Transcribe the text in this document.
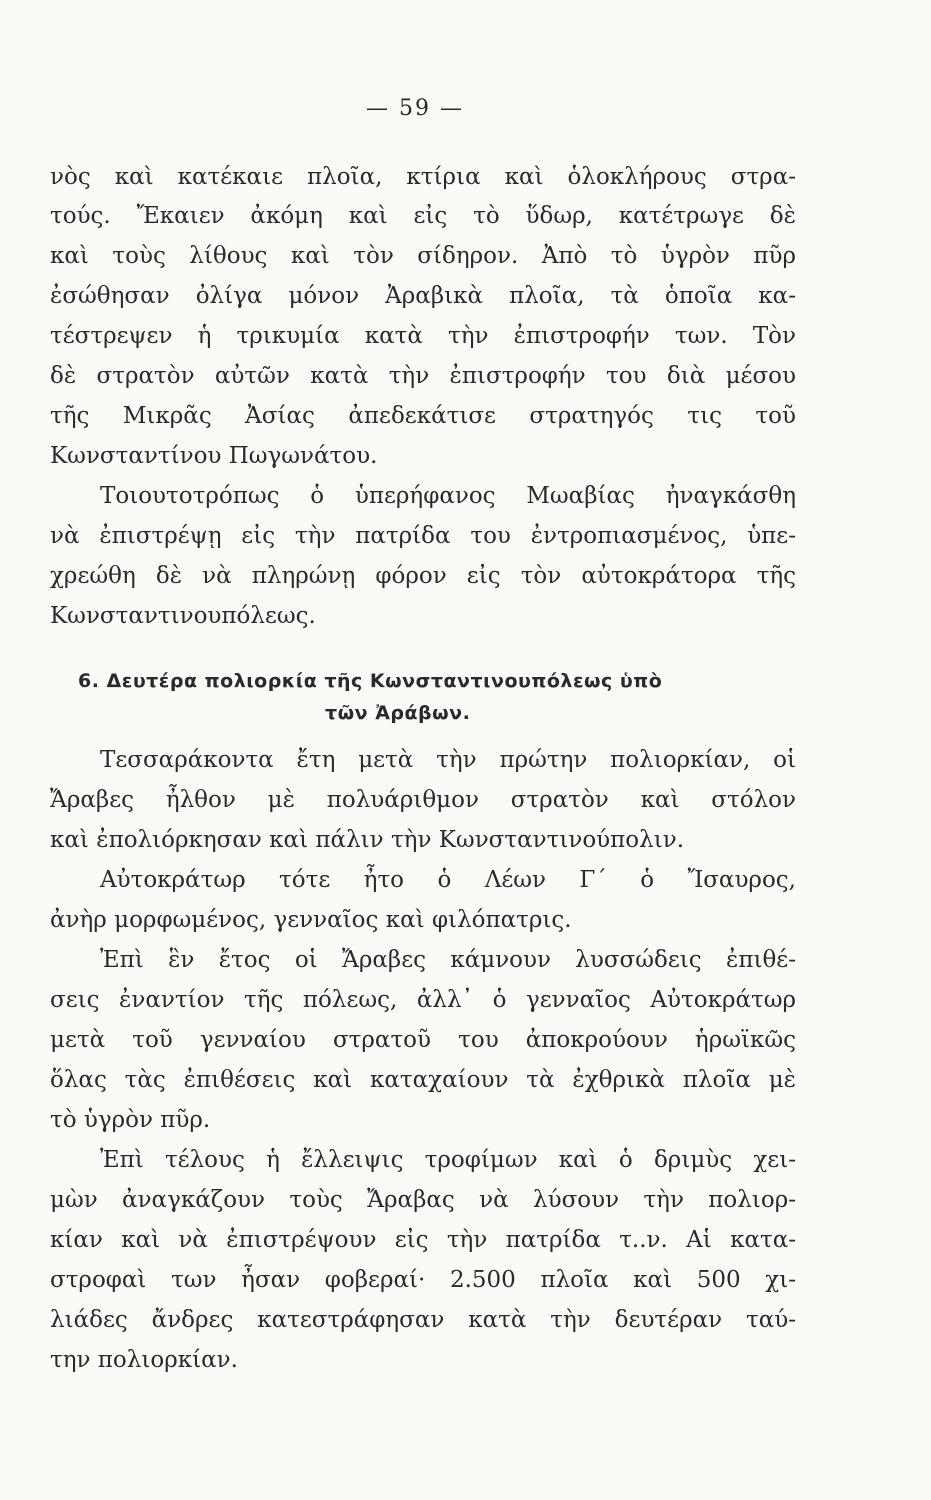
— 59 —
νὸς καὶ κατέκαιε πλοῖα, κτίρια καὶ ὁλοκλήρους στρα-
τούς. Ἔκαιεν ἀκόμη καὶ εἰς τὸ ὕδωρ, κατέτρωγε δὲ
καὶ τοὺς λίθους καὶ τὸν σίδηρον. Ἀπὸ τὸ ὑγρὸν πῦρ
ἐσώθησαν ὀλίγα μόνον Ἀραβικὰ πλοῖα, τὰ ὁποῖα κα-
τέστρεψεν ἡ τρικυμία κατὰ τὴν ἐπιστροφήν των. Τὸν
δὲ στρατὸν αὐτῶν κατὰ τὴν ἐπιστροφήν του διὰ μέσου
τῆς Μικρᾶς Ἀσίας ἀπεδεκάτισε στρατηγός τις τοῦ
Κωνσταντίνου Πωγωνάτου.
Τοιουτοτρόπως ὁ ὑπερήφανος Μωαβίας ἠναγκάσθη
νὰ ἐπιστρέψῃ εἰς τὴν πατρίδα του ἐντροπιασμένος, ὑπε-
χρεώθη δὲ νὰ πληρώνῃ φόρον εἰς τὸν αὐτοκράτορα τῆς
Κωνσταντινουπόλεως.
6. Δευτέρα πολιορκία τῆς Κωνσταντινουπόλεως ὑπὸ
τῶν Ἀράβων.
Τεσσαράκοντα ἔτη μετὰ τὴν πρώτην πολιορκίαν, οἱ
Ἄραβες ἦλθον μὲ πολυάριθμον στρατὸν καὶ στόλον
καὶ ἐπολιόρκησαν καὶ πάλιν τὴν Κωνσταντινούπολιν.
Αὐτοκράτωρ τότε ἦτο ὁ Λέων Γ´ ὁ Ἴσαυρος,
ἀνὴρ μορφωμένος, γενναῖος καὶ φιλόπατρις.
Ἐπὶ ἓν ἔτος οἱ Ἄραβες κάμνουν λυσσώδεις ἐπιθέ-
σεις ἐναντίον τῆς πόλεως, ἀλλ᾿ ὁ γενναῖος Αὐτοκράτωρ
μετὰ τοῦ γενναίου στρατοῦ του ἀποκρούουν ἡρωϊκῶς
ὅλας τὰς ἐπιθέσεις καὶ καταχαίουν τὰ ἐχθρικὰ πλοῖα μὲ
τὸ ὑγρὸν πῦρ.
Ἐπὶ τέλους ἡ ἔλλειψις τροφίμων καὶ ὁ δριμὺς χει-
μὼν ἀναγκάζουν τοὺς Ἄραβας νὰ λύσουν τὴν πολιορ-
κίαν καὶ νὰ ἐπιστρέψουν εἰς τὴν πατρίδα τ..ν. Αἱ κατα-
στροφαὶ των ἦσαν φοβεραί· 2.500 πλοῖα καὶ 500 χι-
λιάδες ἄνδρες κατεστράφησαν κατὰ τὴν δευτέραν ταύ-
την πολιορκίαν.
